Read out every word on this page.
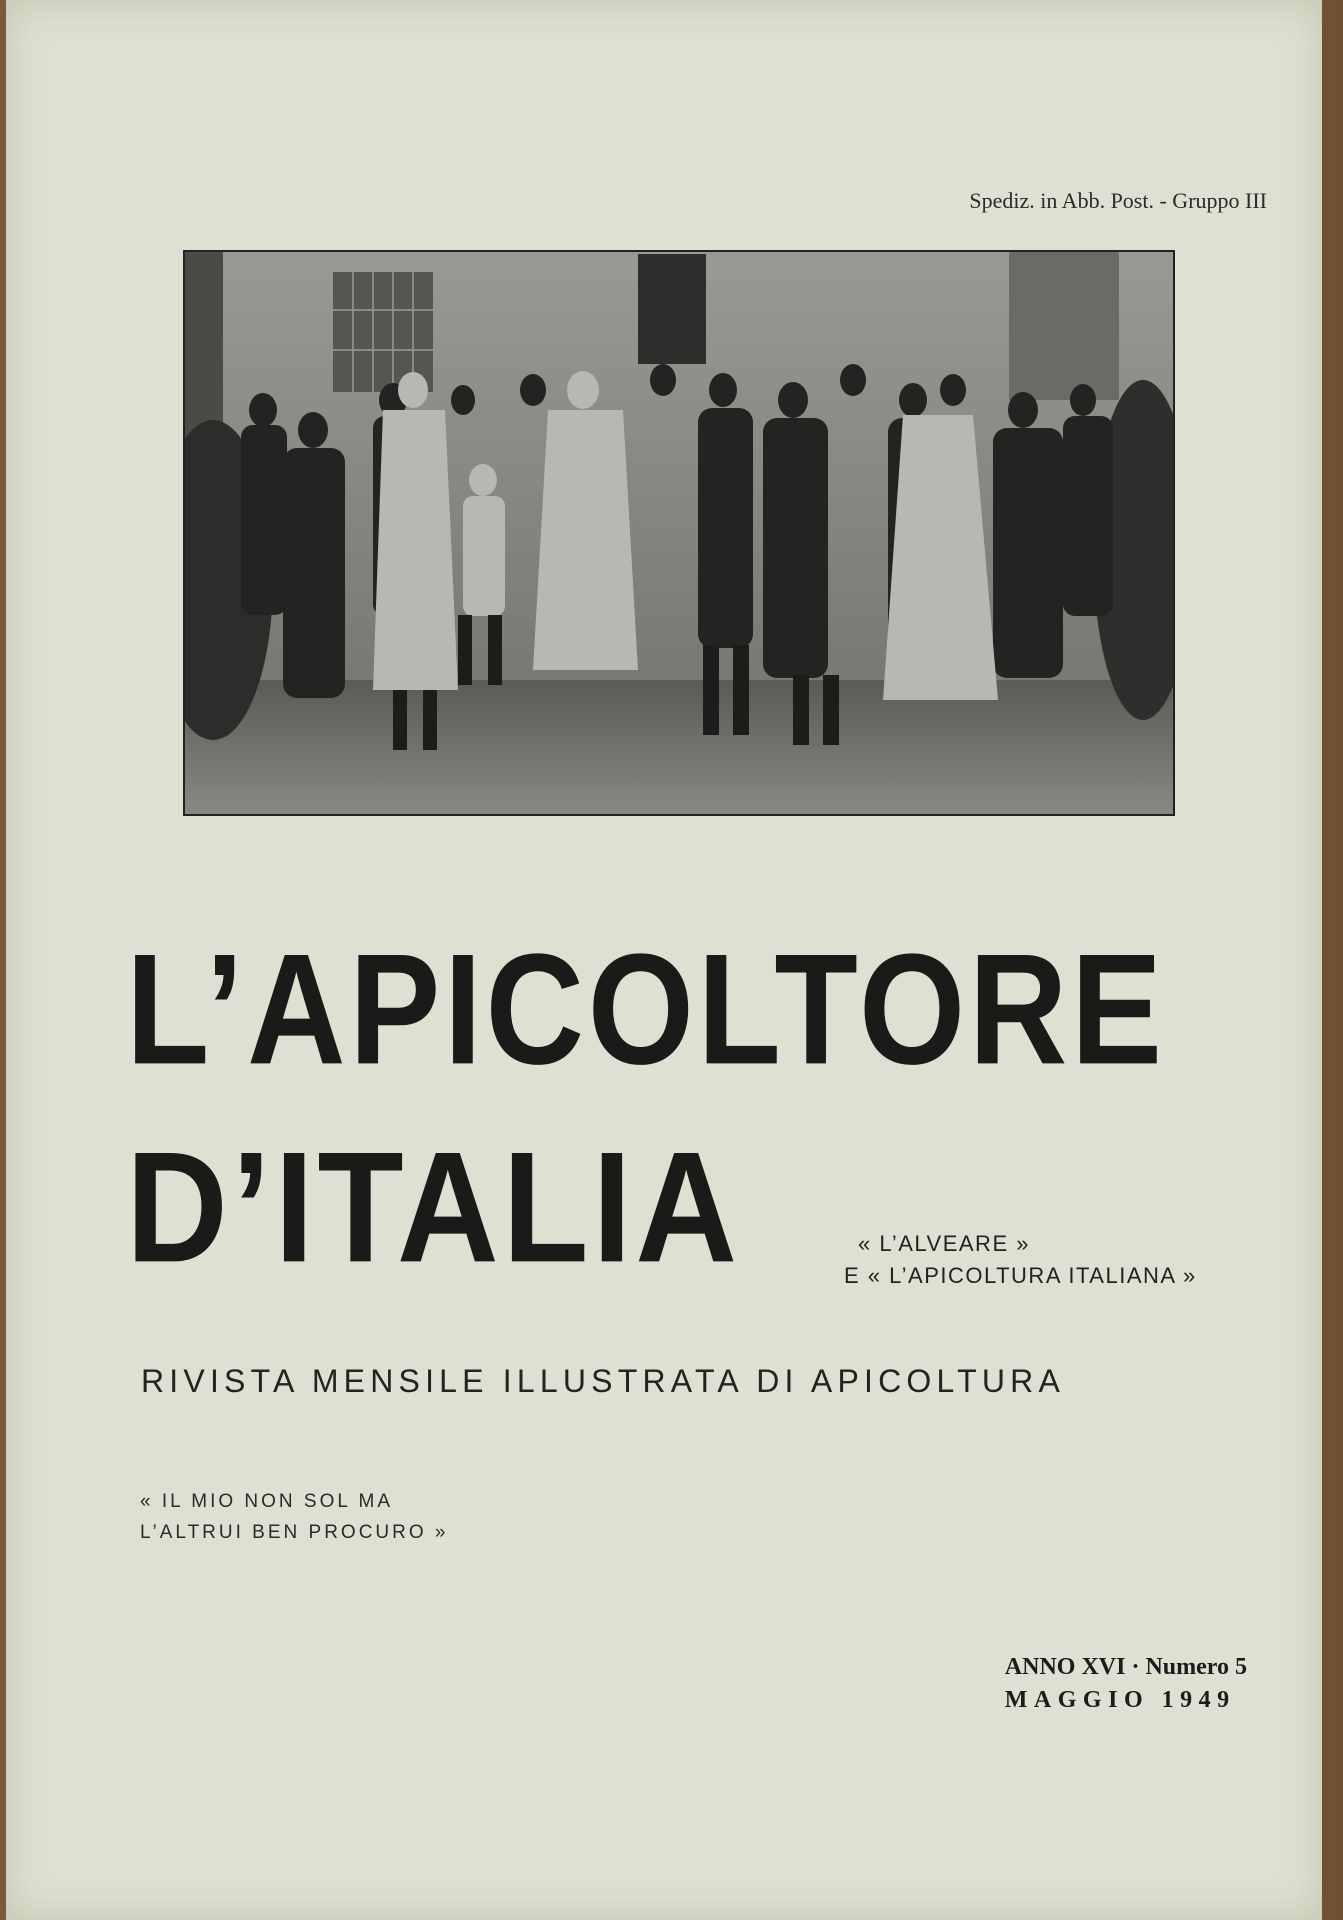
Spediz. in Abb. Post. - Gruppo III
L’APICOLTORE
D’ITALIA	« L’ALVEARE »
E « L’APICOLTURA ITALIANA »
RIVISTA MENSILE ILLUSTRATA DI APICOLTURA
« IL MIO NON SOL MA
L’ALTRUI BEN PROCURO »
ANNO XVI · Numero 5
MAGGIO 1949
